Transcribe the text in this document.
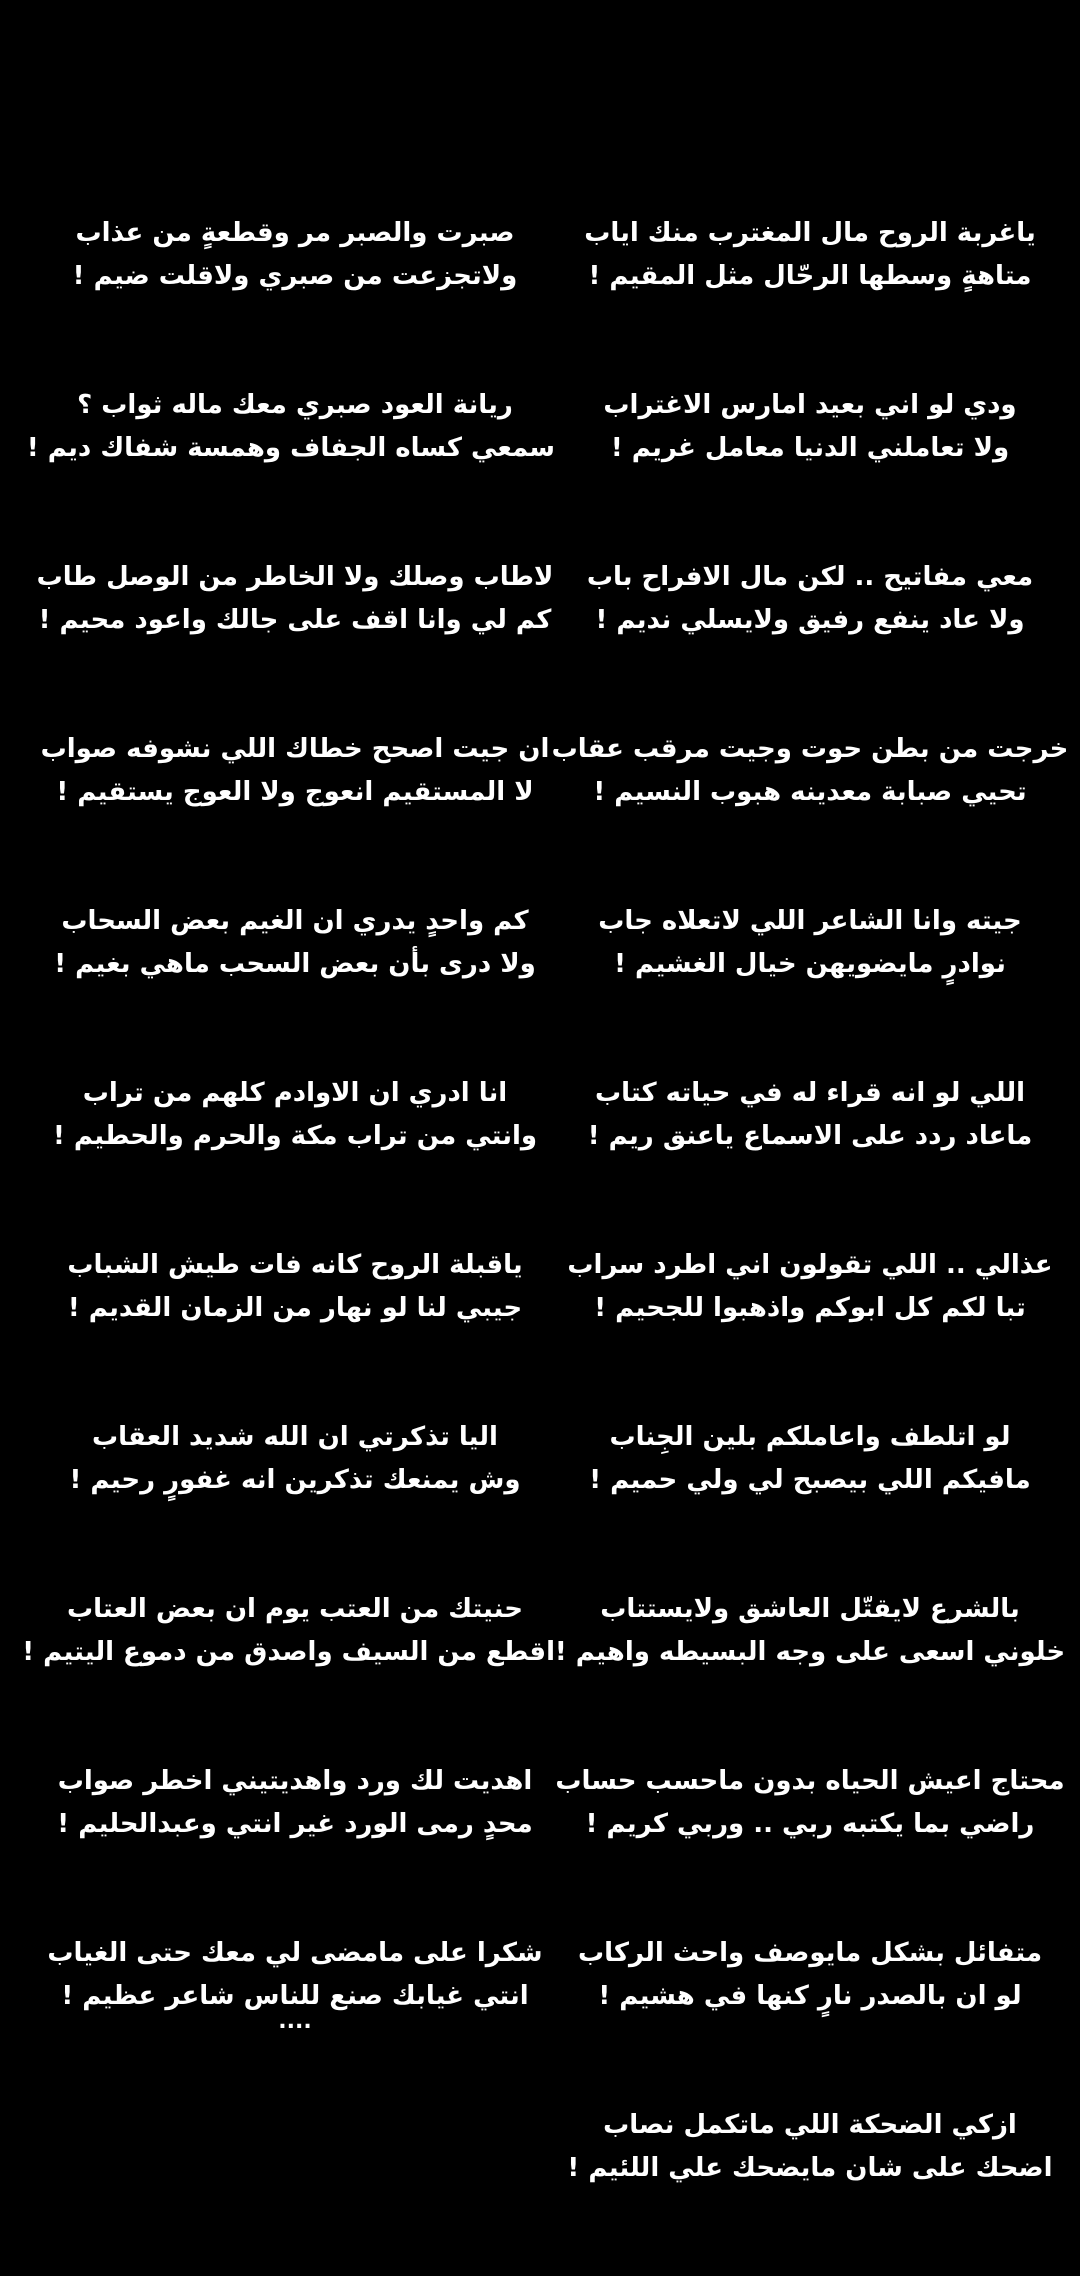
ياغربة الروح مال المغترب منك اياب
متاهةٍ وسطها الرحّال مثل المقيم !
ودي لو اني بعيد امارس الاغتراب
ولا تعاملني الدنيا معامل غريم !
معي مفاتيح .. لكن مال الافراح باب
ولا عاد ينفع رفيق ولايسلي نديم !
خرجت من بطن حوت وجيت مرقب عقاب
تحيي صبابة معدينه هبوب النسيم !
جيته وانا الشاعر اللي لاتعلاه جاب
نوادرٍ مايضويهن خيال الغشيم !
اللي لو انه قراء له في حياته كتاب
ماعاد ردد على الاسماع ياعنق ريم !
عذالي .. اللي تقولون اني اطرد سراب
تبا لكم كل ابوكم واذهبوا للجحيم !
لو اتلطف واعاملكم بلين الجِناب
مافيكم اللي بيصبح لي ولي حميم !
بالشرع لايقتّل العاشق ولايستتاب
خلوني اسعى على وجه البسيطه واهيم !
محتاج اعيش الحياه بدون ماحسب حساب
راضي بما يكتبه ربي .. وربي كريم !
متفائل بشكل مايوصف واحث الركاب
لو ان بالصدر نارٍ كنها في هشيم !
ازكي الضحكة اللي ماتكمل نصاب
اضحك على شان مايضحك علي اللئيم !
صبرت والصبر مر وقطعةٍ من عذاب
ولاتجزعت من صبري ولاقلت ضيم !
ريانة العود صبري معك ماله ثواب ؟
سمعي كساه الجفاف وهمسة شفاك ديم !
لاطاب وصلك ولا الخاطر من الوصل طاب
كم لي وانا اقف على جالك واعود محيم !
ان جيت اصحح خطاك اللي نشوفه صواب
لا المستقيم انعوج ولا العوج يستقيم !
كم واحدٍ يدري ان الغيم بعض السحاب
ولا درى بأن بعض السحب ماهي بغيم !
انا ادري ان الاوادم كلهم من تراب
وانتي من تراب مكة والحرم والحطيم !
ياقبلة الروح كانه فات طيش الشباب
جيبي لنا لو نهار من الزمان القديم !
اليا تذكرتي ان الله شديد العقاب
وش يمنعك تذكرين انه غفورٍ رحيم !
حنيتك من العتب يوم ان بعض العتاب
اقطع من السيف واصدق من دموع اليتيم !
اهديت لك ورد واهديتيني اخطر صواب
محدٍ رمى الورد غير انتي وعبدالحليم !
شكرا على مامضى لي معك حتى الغياب
انتي غيابك صنع للناس شاعر عظيم !
....
